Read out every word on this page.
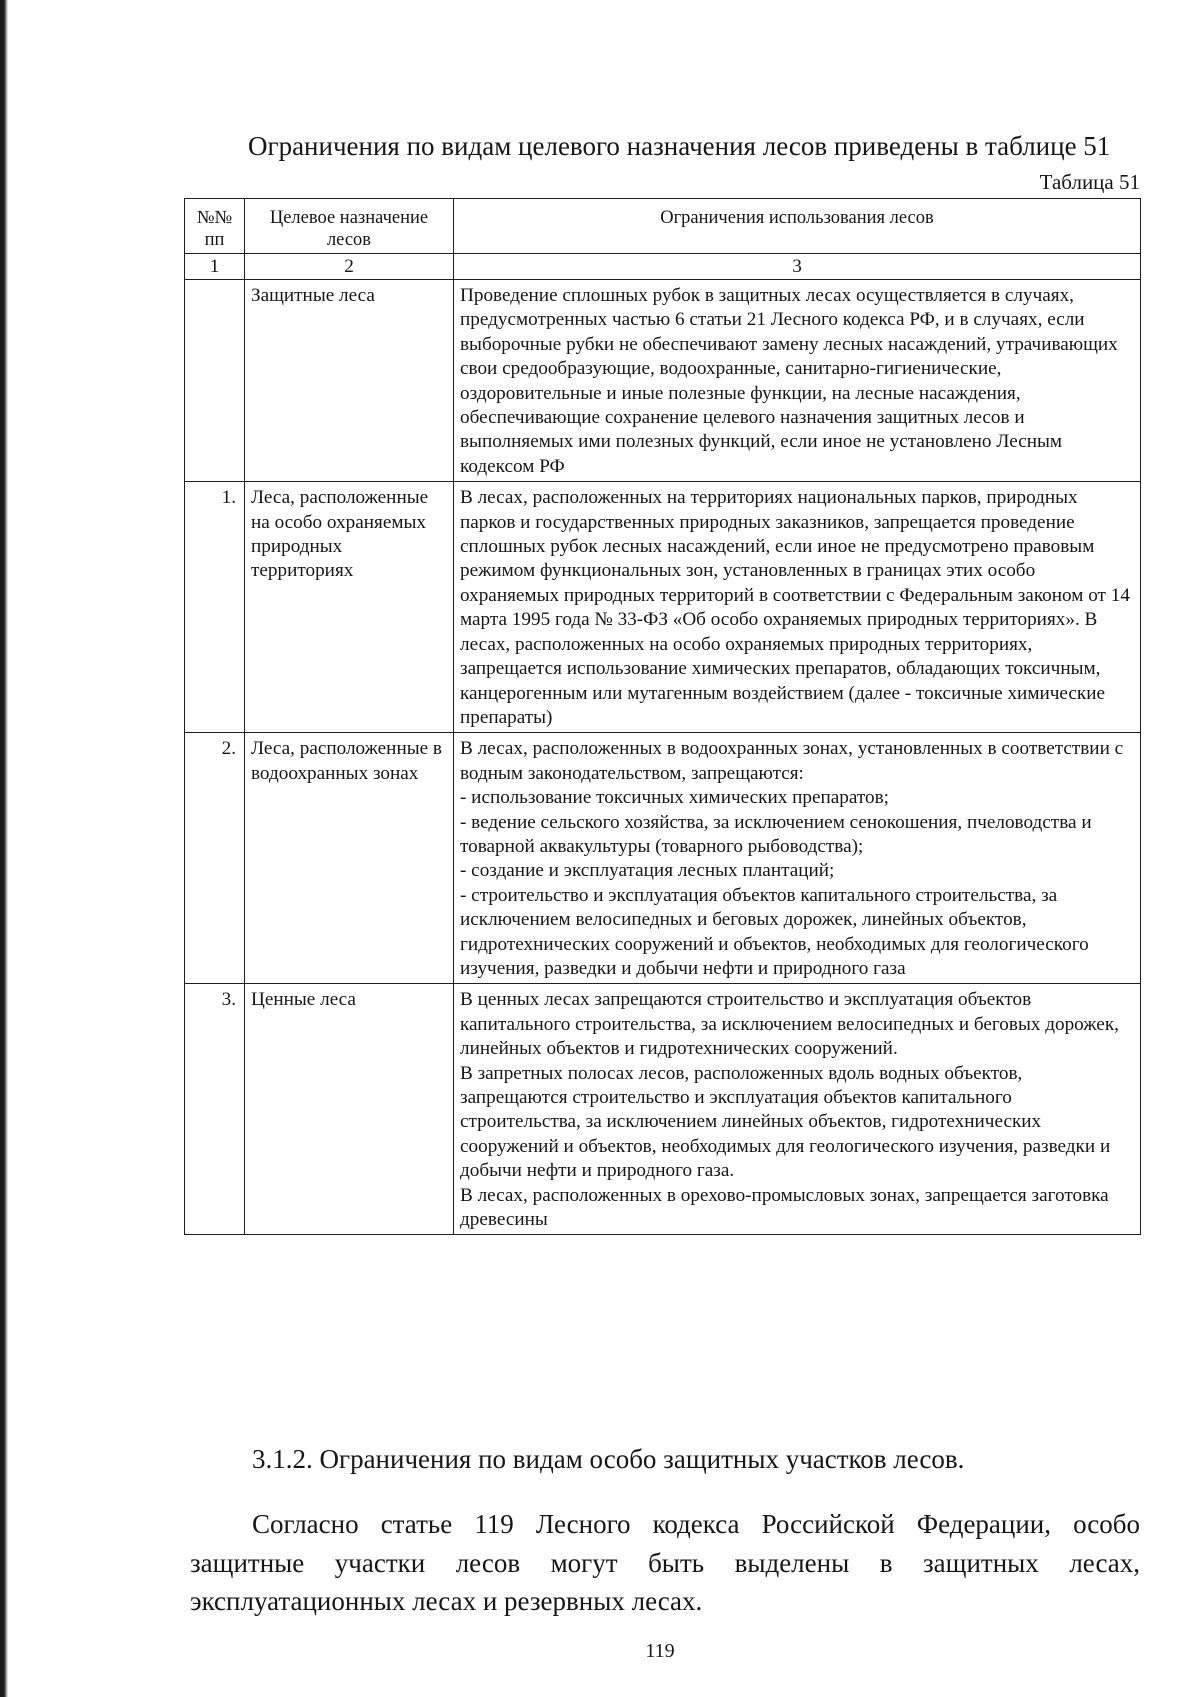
Ограничения по видам целевого назначения лесов приведены в таблице 51

Таблица 51
№№ пп	Целевое назначение лесов	Ограничения использования лесов
1	2	3
	Защитные леса	Проведение сплошных рубок в защитных лесах осуществляется в случаях, предусмотренных частью 6 статьи 21 Лесного кодекса РФ, и в случаях, если выборочные рубки не обеспечивают замену лесных насаждений, утрачивающих свои средообразующие, водоохранные, санитарно-гигиенические, оздоровительные и иные полезные функции, на лесные насаждения, обеспечивающие сохранение целевого назначения защитных лесов и выполняемых ими полезных функций, если иное не установлено Лесным кодексом РФ

1.	Леса, расположенные на особо охраняемых природных территориях	В лесах, расположенных на территориях национальных парков, природных парков и государственных природных заказников, запрещается проведение сплошных рубок лесных насаждений, если иное не предусмотрено правовым режимом функциональных зон, установленных в границах этих особо охраняемых природных территорий в соответствии с Федеральным законом от 14 марта 1995 года № 33-ФЗ «Об особо охраняемых природных территориях». В лесах, расположенных на особо охраняемых природных территориях, запрещается использование химических препаратов, обладающих токсичным, канцерогенным или мутагенным воздействием (далее - токсичные химические препараты)

2.	Леса, расположенные в водоохранных зонах	В лесах, расположенных в водоохранных зонах, установленных в соответствии с водным законодательством, запрещаются:
- использование токсичных химических препаратов;
- ведение сельского хозяйства, за исключением сенокошения, пчеловодства и товарной аквакультуры (товарного рыбоводства);
- создание и эксплуатация лесных плантаций;
- строительство и эксплуатация объектов капитального строительства, за исключением велосипедных и беговых дорожек, линейных объектов, гидротехнических сооружений и объектов, необходимых для геологического изучения, разведки и добычи нефти и природного газа

3.	Ценные леса	В ценных лесах запрещаются строительство и эксплуатация объектов капитального строительства, за исключением велосипедных и беговых дорожек, линейных объектов и гидротехнических сооружений.
В запретных полосах лесов, расположенных вдоль водных объектов, запрещаются строительство и эксплуатация объектов капитального строительства, за исключением линейных объектов, гидротехнических сооружений и объектов, необходимых для геологического изучения, разведки и добычи нефти и природного газа.
В лесах, расположенных в орехово-промысловых зонах, запрещается заготовка древесины
3.1.2. Ограничения по видам особо защитных участков лесов.

Согласно статье 119 Лесного кодекса Российской Федерации, особо защитные участки лесов могут быть выделены в защитных лесах, эксплуатационных лесах и резервных лесах.

119
